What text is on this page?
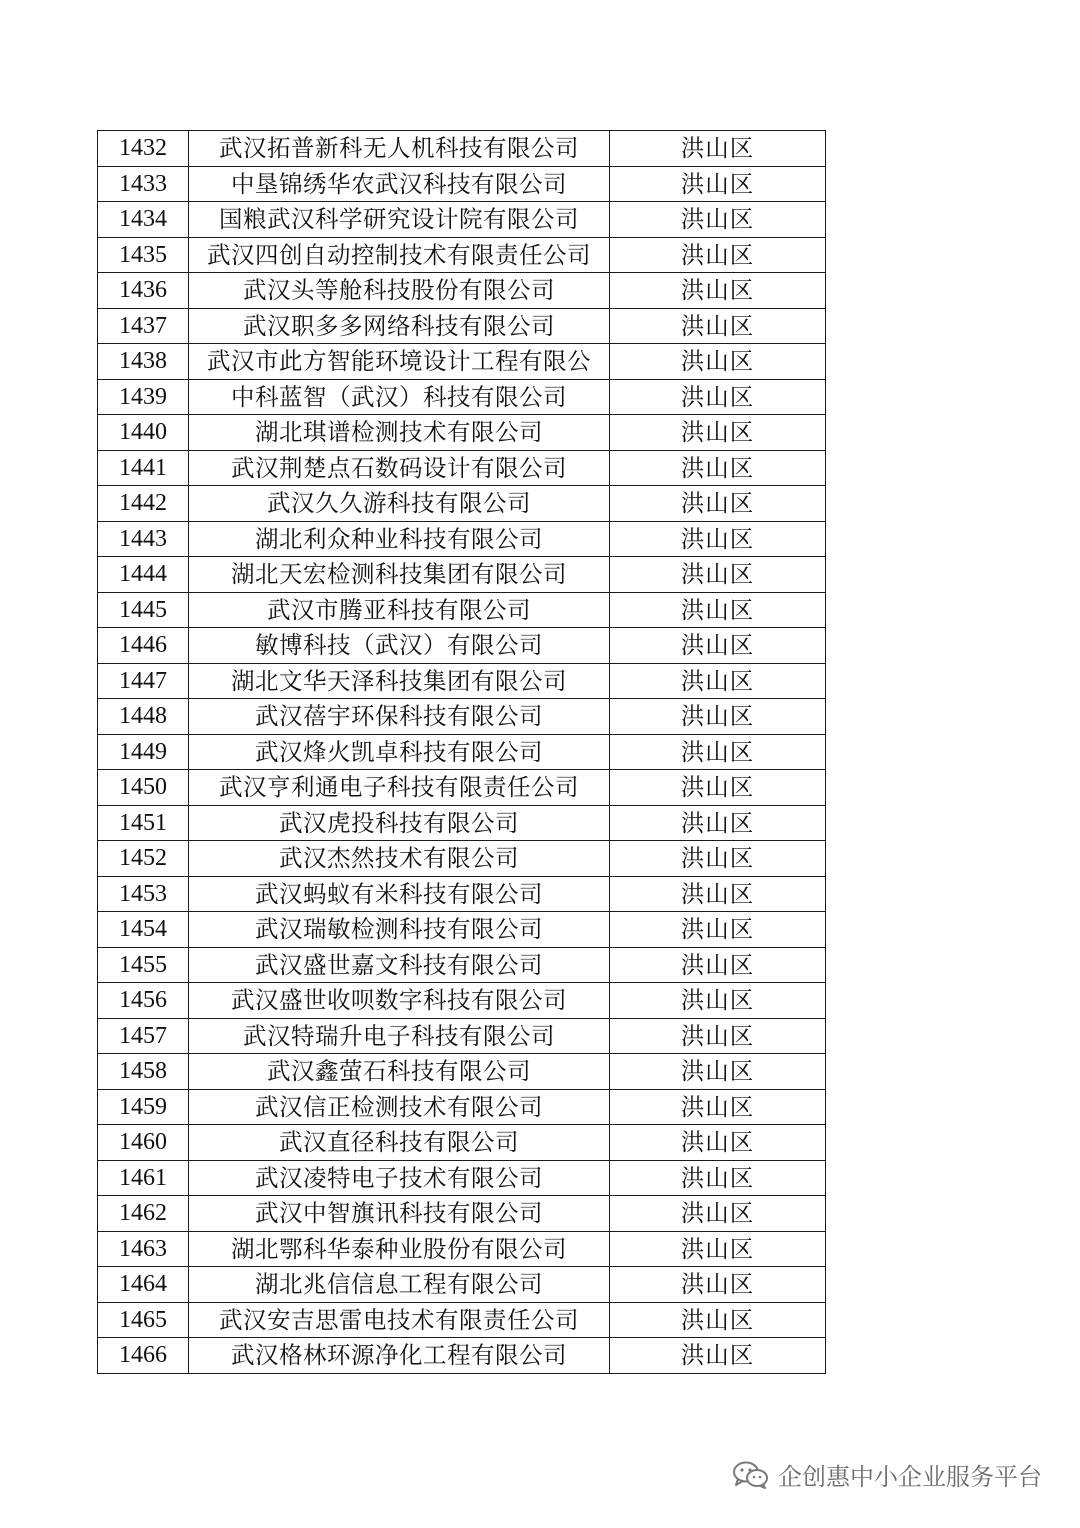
1432	武汉拓普新科无人机科技有限公司	洪山区
1433	中垦锦绣华农武汉科技有限公司	洪山区
1434	国粮武汉科学研究设计院有限公司	洪山区
1435	武汉四创自动控制技术有限责任公司	洪山区
1436	武汉头等舱科技股份有限公司	洪山区
1437	武汉职多多网络科技有限公司	洪山区
1438	武汉市此方智能环境设计工程有限公	洪山区
1439	中科蓝智（武汉）科技有限公司	洪山区
1440	湖北琪谱检测技术有限公司	洪山区
1441	武汉荆楚点石数码设计有限公司	洪山区
1442	武汉久久游科技有限公司	洪山区
1443	湖北利众种业科技有限公司	洪山区
1444	湖北天宏检测科技集团有限公司	洪山区
1445	武汉市腾亚科技有限公司	洪山区
1446	敏博科技（武汉）有限公司	洪山区
1447	湖北文华天泽科技集团有限公司	洪山区
1448	武汉蓓宇环保科技有限公司	洪山区
1449	武汉烽火凯卓科技有限公司	洪山区
1450	武汉亨利通电子科技有限责任公司	洪山区
1451	武汉虎投科技有限公司	洪山区
1452	武汉杰然技术有限公司	洪山区
1453	武汉蚂蚁有米科技有限公司	洪山区
1454	武汉瑞敏检测科技有限公司	洪山区
1455	武汉盛世嘉文科技有限公司	洪山区
1456	武汉盛世收呗数字科技有限公司	洪山区
1457	武汉特瑞升电子科技有限公司	洪山区
1458	武汉鑫萤石科技有限公司	洪山区
1459	武汉信正检测技术有限公司	洪山区
1460	武汉直径科技有限公司	洪山区
1461	武汉凌特电子技术有限公司	洪山区
1462	武汉中智旗讯科技有限公司	洪山区
1463	湖北鄂科华泰种业股份有限公司	洪山区
1464	湖北兆信信息工程有限公司	洪山区
1465	武汉安吉思雷电技术有限责任公司	洪山区
1466	武汉格林环源净化工程有限公司	洪山区
企创惠中小企业服务平台
